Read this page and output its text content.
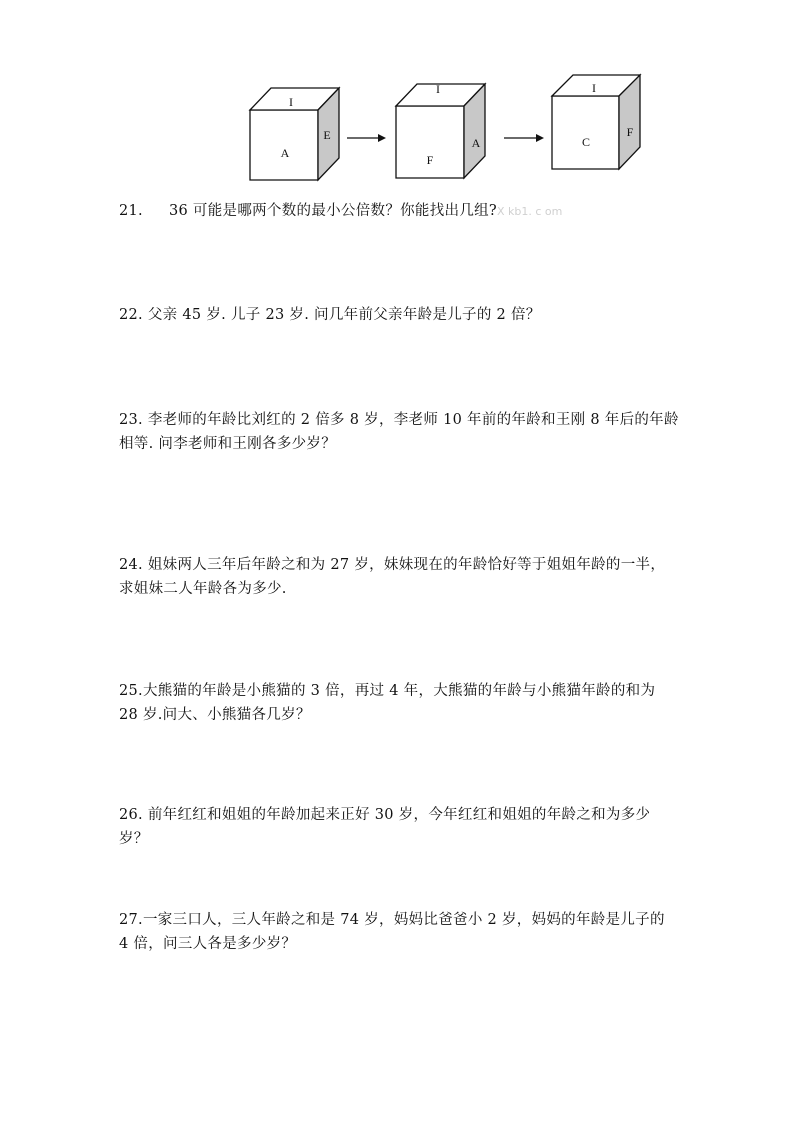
I
A
E
I
F
A
I
C
F

21. 36 可能是哪两个数的最小公倍数？你能找出几组?X kb1. c om

22. 父亲 45 岁. 儿子 23 岁. 问几年前父亲年龄是儿子的 2 倍？

23. 李老师的年龄比刘红的 2 倍多 8 岁，李老师 10 年前的年龄和王刚 8 年后的年龄相等. 问李老师和王刚各多少岁？

24. 姐妹两人三年后年龄之和为 27 岁，妹妹现在的年龄恰好等于姐姐年龄的一半，求姐妹二人年龄各为多少.

25.大熊猫的年龄是小熊猫的 3 倍，再过 4 年，大熊猫的年龄与小熊猫年龄的和为 28 岁.问大、小熊猫各几岁？

26. 前年红红和姐姐的年龄加起来正好 30 岁，今年红红和姐姐的年龄之和为多少岁？

27.一家三口人，三人年龄之和是 74 岁，妈妈比爸爸小 2 岁，妈妈的年龄是儿子的 4 倍，问三人各是多少岁？
